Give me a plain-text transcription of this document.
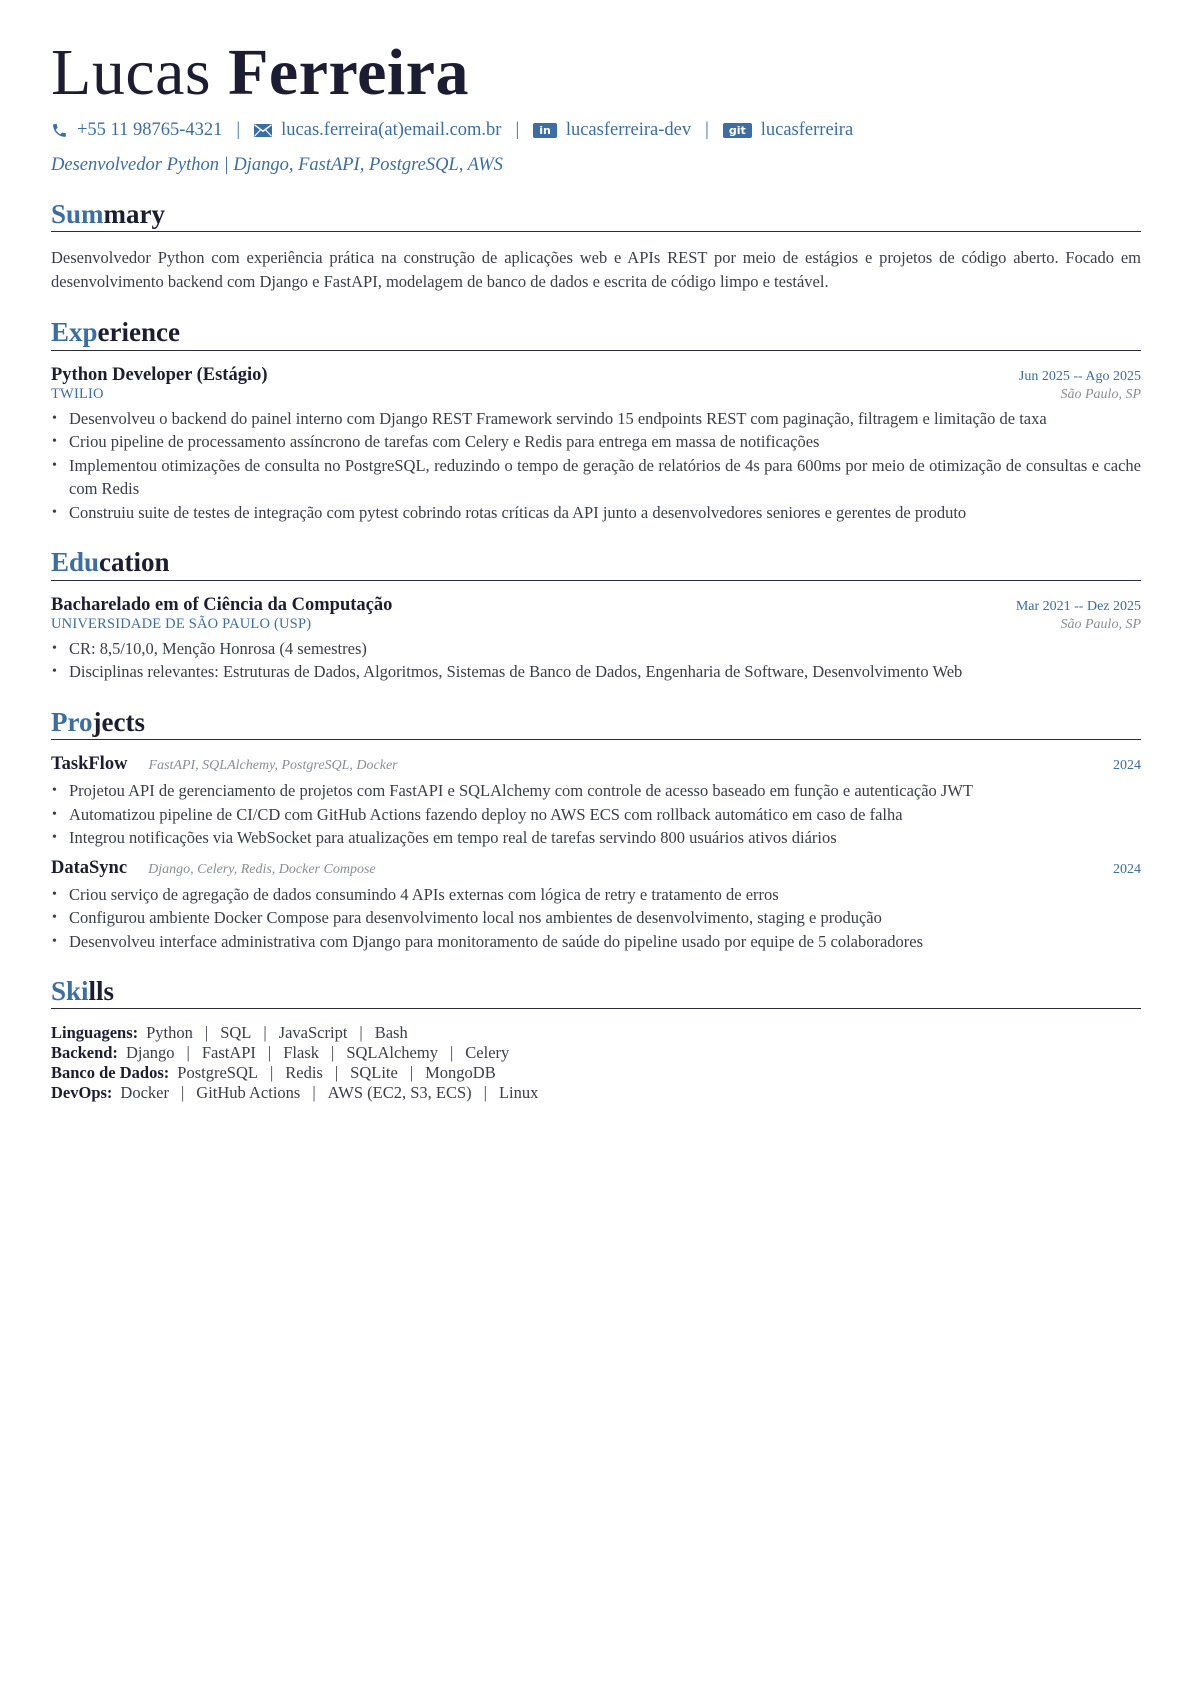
Lucas Ferreira
+55 11 98765-4321 | lucas.ferreira(at)email.com.br |	in lucasferreira-dev |	git lucasferreira
Desenvolvedor Python | Django, FastAPI, PostgreSQL, AWS
Summary

Desenvolvedor Python com experiência prática na construção de aplicações web e APIs REST por meio de estágios e projetos de código aberto. Focado em desenvolvimento backend com Django e FastAPI, modelagem de banco de dados e escrita de código limpo e testável.

Experience
Python Developer (Estágio)	Jun 2025 -- Ago 2025
TWILIO	São Paulo, SP
• Desenvolveu o backend do painel interno com Django REST Framework servindo 15 endpoints REST com paginação, filtragem e limitação de taxa
• Criou pipeline de processamento assíncrono de tarefas com Celery e Redis para entrega em massa de notificações
• Implementou otimizações de consulta no PostgreSQL, reduzindo o tempo de geração de relatórios de 4s para 600ms por meio de otimização de consultas e cache com Redis
• Construiu suite de testes de integração com pytest cobrindo rotas críticas da API junto a desenvolvedores seniores e gerentes de produto
Education
Bacharelado em of Ciência da Computação	Mar 2021 -- Dez 2025
UNIVERSIDADE DE SÃO PAULO (USP)	São Paulo, SP
• CR: 8,5/10,0, Menção Honrosa (4 semestres)
• Disciplinas relevantes: Estruturas de Dados, Algoritmos, Sistemas de Banco de Dados, Engenharia de Software, Desenvolvimento Web
Projects
TaskFlow FastAPI, SQLAlchemy, PostgreSQL, Docker	2024
• Projetou API de gerenciamento de projetos com FastAPI e SQLAlchemy com controle de acesso baseado em função e autenticação JWT
• Automatizou pipeline de CI/CD com GitHub Actions fazendo deploy no AWS ECS com rollback automático em caso de falha
• Integrou notificações via WebSocket para atualizações em tempo real de tarefas servindo 800 usuários ativos diários
DataSync Django, Celery, Redis, Docker Compose	2024
• Criou serviço de agregação de dados consumindo 4 APIs externas com lógica de retry e tratamento de erros
• Configurou ambiente Docker Compose para desenvolvimento local nos ambientes de desenvolvimento, staging e produção
• Desenvolveu interface administrativa com Django para monitoramento de saúde do pipeline usado por equipe de 5 colaboradores
Skills
Linguagens: Python | SQL | JavaScript | Bash
Backend: Django | FastAPI | Flask | SQLAlchemy | Celery
Banco de Dados: PostgreSQL | Redis | SQLite | MongoDB
DevOps: Docker | GitHub Actions | AWS (EC2, S3, ECS) | Linux
